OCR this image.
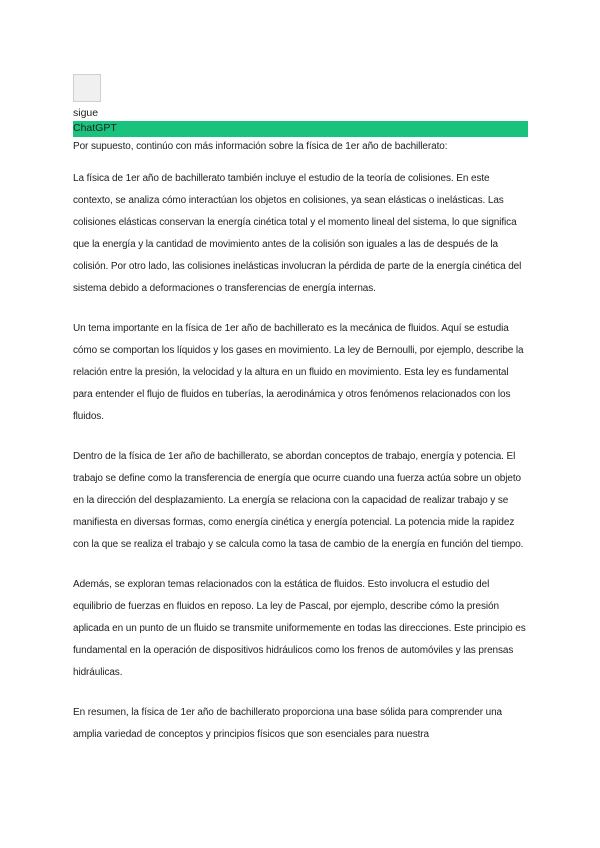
sigue
ChatGPT

Por supuesto, continúo con más información sobre la física de 1er año de bachillerato:

La física de 1er año de bachillerato también incluye el estudio de la teoría de colisiones. En este contexto, se analiza cómo interactúan los objetos en colisiones, ya sean elásticas o inelásticas. Las colisiones elásticas conservan la energía cinética total y el momento lineal del sistema, lo que significa que la energía y la cantidad de movimiento antes de la colisión son iguales a las de después de la colisión. Por otro lado, las colisiones inelásticas involucran la pérdida de parte de la energía cinética del sistema debido a deformaciones o transferencias de energía internas.

Un tema importante en la física de 1er año de bachillerato es la mecánica de fluidos. Aquí se estudia cómo se comportan los líquidos y los gases en movimiento. La ley de Bernoulli, por ejemplo, describe la relación entre la presión, la velocidad y la altura en un fluido en movimiento. Esta ley es fundamental para entender el flujo de fluidos en tuberías, la aerodinámica y otros fenómenos relacionados con los fluidos.

Dentro de la física de 1er año de bachillerato, se abordan conceptos de trabajo, energía y potencia. El trabajo se define como la transferencia de energía que ocurre cuando una fuerza actúa sobre un objeto en la dirección del desplazamiento. La energía se relaciona con la capacidad de realizar trabajo y se manifiesta en diversas formas, como energía cinética y energía potencial. La potencia mide la rapidez con la que se realiza el trabajo y se calcula como la tasa de cambio de la energía en función del tiempo.

Además, se exploran temas relacionados con la estática de fluidos. Esto involucra el estudio del equilibrio de fuerzas en fluidos en reposo. La ley de Pascal, por ejemplo, describe cómo la presión aplicada en un punto de un fluido se transmite uniformemente en todas las direcciones. Este principio es fundamental en la operación de dispositivos hidráulicos como los frenos de automóviles y las prensas hidráulicas.

En resumen, la física de 1er año de bachillerato proporciona una base sólida para comprender una amplia variedad de conceptos y principios físicos que son esenciales para nuestra
